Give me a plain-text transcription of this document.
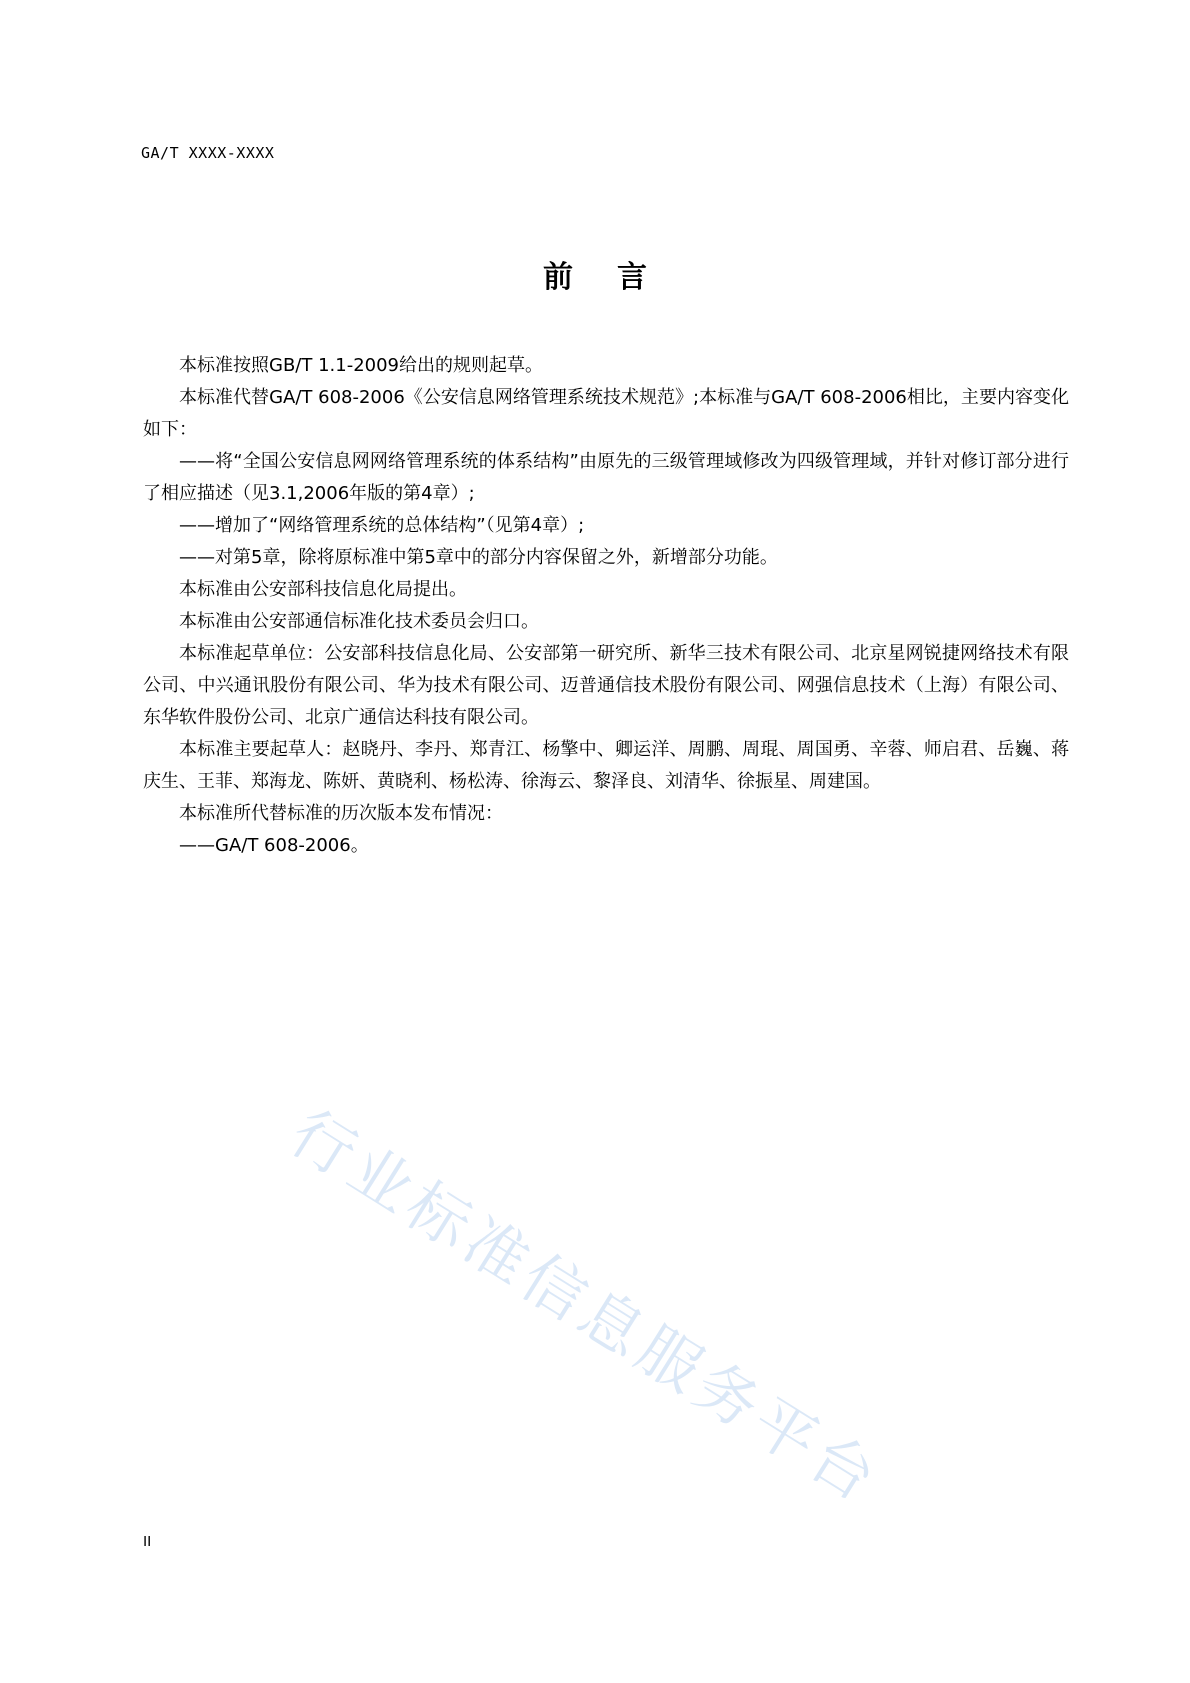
GA/T XXXX-XXXX
前言

本标准按照GB/T 1.1-2009给出的规则起草。

本标准代替GA/T 608-2006《公安信息网络管理系统技术规范》;本标准与GA/T 608-2006相比，主要内容变化如下：

——将“全国公安信息网网络管理系统的体系结构”由原先的三级管理域修改为四级管理域，并针对修订部分进行了相应描述（见3.1,2006年版的第4章）;

——增加了“网络管理系统的总体结构”（见第4章）;

——对第5章，除将原标准中第5章中的部分内容保留之外，新增部分功能。

本标准由公安部科技信息化局提出。

本标准由公安部通信标准化技术委员会归口。

本标准起草单位：公安部科技信息化局、公安部第一研究所、新华三技术有限公司、北京星网锐捷网络技术有限公司、中兴通讯股份有限公司、华为技术有限公司、迈普通信技术股份有限公司、网强信息技术（上海）有限公司、东华软件股份公司、北京广通信达科技有限公司。

本标准主要起草人：赵晓丹、李丹、郑青江、杨擎中、卿运洋、周鹏、周琨、周国勇、辛蓉、师启君、岳巍、蒋庆生、王菲、郑海龙、陈妍、黄晓利、杨松涛、徐海云、黎泽良、刘清华、徐振星、周建国。

本标准所代替标准的历次版本发布情况：

——GA/T 608-2006。

行业标准信息服务平台
II
